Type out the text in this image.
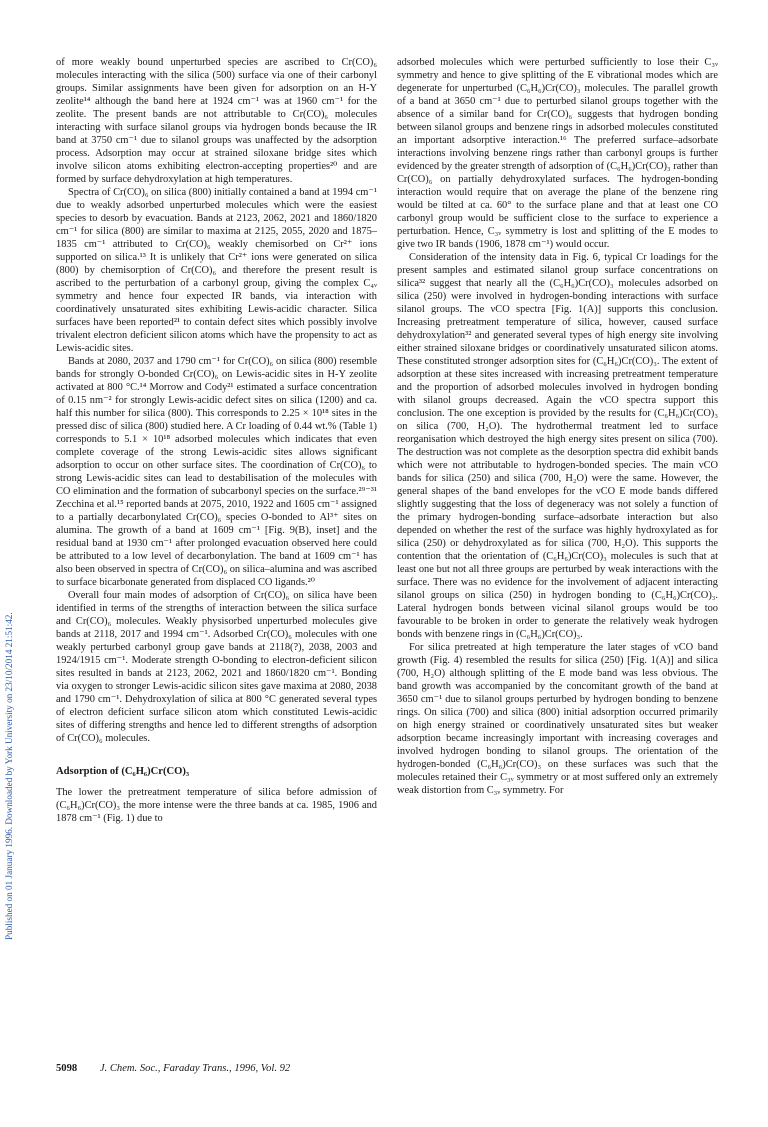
Published on 01 January 1996. Downloaded by York University on 23/10/2014 21:51:42.

of more weakly bound unperturbed species are ascribed to Cr(CO)₆ molecules interacting with the silica (500) surface via one of their carbonyl groups. Similar assignments have been given for adsorption on an H-Y zeolite¹⁴ although the band here at 1924 cm⁻¹ was at 1960 cm⁻¹ for the zeolite. The present bands are not attributable to Cr(CO)₆ molecules interacting with surface silanol groups via hydrogen bonds because the IR band at 3750 cm⁻¹ due to silanol groups was unaffected by the adsorption process. Adsorption may occur at strained siloxane bridge sites which involve silicon atoms exhibiting electron-accepting properties²⁰ and are formed by surface dehydroxylation at high temperatures.

Spectra of Cr(CO)₆ on silica (800) initially contained a band at 1994 cm⁻¹ due to weakly adsorbed unperturbed molecules which were the easiest species to desorb by evacuation. Bands at 2123, 2062, 2021 and 1860/1820 cm⁻¹ for silica (800) are similar to maxima at 2125, 2055, 2020 and 1875–1835 cm⁻¹ attributed to Cr(CO)₆ weakly chemisorbed on Cr²⁺ ions supported on silica.¹³ It is unlikely that Cr²⁺ ions were generated on silica (800) by chemisorption of Cr(CO)₆ and therefore the present result is ascribed to the perturbation of a carbonyl group, giving the complex C₄ᵥ symmetry and hence four expected IR bands, via interaction with coordinatively unsaturated sites exhibiting Lewis-acidic character. Silica surfaces have been reported²¹ to contain defect sites which possibly involve trivalent electron deficient silicon atoms which have the propensity to act as Lewis-acidic sites.

Bands at 2080, 2037 and 1790 cm⁻¹ for Cr(CO)₆ on silica (800) resemble bands for strongly O-bonded Cr(CO)₆ on Lewis-acidic sites in H-Y zeolite activated at 800 °C.¹⁴ Morrow and Cody²¹ estimated a surface concentration of 0.15 nm⁻² for strongly Lewis-acidic defect sites on silica (1200) and ca. half this number for silica (800). This corresponds to 2.25 × 10¹⁸ sites in the pressed disc of silica (800) studied here. A Cr loading of 0.44 wt.% (Table 1) corresponds to 5.1 × 10¹⁸ adsorbed molecules which indicates that even complete coverage of the strong Lewis-acidic sites allows significant adsorption to occur on other surface sites. The coordination of Cr(CO)₆ to strong Lewis-acidic sites can lead to destabilisation of the molecules with CO elimination and the formation of subcarbonyl species on the surface.²⁹⁻³¹ Zecchina et al.¹⁵ reported bands at 2075, 2010, 1922 and 1605 cm⁻¹ assigned to a partially decarbonylated Cr(CO)₆ species O-bonded to Al³⁺ sites on alumina. The growth of a band at 1609 cm⁻¹ [Fig. 9(B), inset] and the residual band at 1930 cm⁻¹ after prolonged evacuation observed here could be attributed to a low level of decarbonylation. The band at 1609 cm⁻¹ has also been observed in spectra of Cr(CO)₆ on silica–alumina and was ascribed to surface bicarbonate generated from displaced CO ligands.²⁰

Overall four main modes of adsorption of Cr(CO)₆ on silica have been identified in terms of the strengths of interaction between the silica surface and Cr(CO)₆ molecules. Weakly physisorbed unperturbed molecules give bands at 2118, 2017 and 1994 cm⁻¹. Adsorbed Cr(CO)₆ molecules with one weakly perturbed carbonyl group gave bands at 2118(?), 2038, 2003 and 1924/1915 cm⁻¹. Moderate strength O-bonding to electron-deficient silicon sites resulted in bands at 2123, 2062, 2021 and 1860/1820 cm⁻¹. Bonding via oxygen to stronger Lewis-acidic silicon sites gave maxima at 2080, 2038 and 1790 cm⁻¹. Dehydroxylation of silica at 800 °C generated several types of electron deficient surface silicon atom which constituted Lewis-acidic sites of differing strengths and hence led to different strengths of adsorption of Cr(CO)₆ molecules.

Adsorption of (C₆H₆)Cr(CO)₃

The lower the pretreatment temperature of silica before admission of (C₆H₆)Cr(CO)₃ the more intense were the three bands at ca. 1985, 1906 and 1878 cm⁻¹ (Fig. 1) due to

adsorbed molecules which were perturbed sufficiently to lose their C₃ᵥ symmetry and hence to give splitting of the E vibrational modes which are degenerate for unperturbed (C₆H₆)Cr(CO)₃ molecules. The parallel growth of a band at 3650 cm⁻¹ due to perturbed silanol groups together with the absence of a similar band for Cr(CO)₆ suggests that hydrogen bonding between silanol groups and benzene rings in adsorbed molecules constituted an important adsorptive interaction.¹⁶ The preferred surface–adsorbate interactions involving benzene rings rather than carbonyl groups is further evidenced by the greater strength of adsorption of (C₆H₆)Cr(CO)₃ rather than Cr(CO)₆ on partially dehydroxylated surfaces. The hydrogen-bonding interaction would require that on average the plane of the benzene ring would be tilted at ca. 60° to the surface plane and that at least one CO carbonyl group would be sufficient close to the surface to experience a perturbation. Hence, C₃ᵥ symmetry is lost and splitting of the E modes to give two IR bands (1906, 1878 cm⁻¹) would occur.

Consideration of the intensity data in Fig. 6, typical Cr loadings for the present samples and estimated silanol group surface concentrations on silica³² suggest that nearly all the (C₆H₆)Cr(CO)₃ molecules adsorbed on silica (250) were involved in hydrogen-bonding interactions with surface silanol groups. The νCO spectra [Fig. 1(A)] supports this conclusion. Increasing pretreatment temperature of silica, however, caused surface dehydroxylation³² and generated several types of high energy site involving either strained siloxane bridges or coordinatively unsaturated silicon atoms. These constituted stronger adsorption sites for (C₆H₆)Cr(CO)₃. The extent of adsorption at these sites increased with increasing pretreatment temperature and the proportion of adsorbed molecules involved in hydrogen bonding with silanol groups decreased. Again the νCO spectra support this conclusion. The one exception is provided by the results for (C₆H₆)Cr(CO)₃ on silica (700, H₂O). The hydrothermal treatment led to surface reorganisation which destroyed the high energy sites present on silica (700). The destruction was not complete as the desorption spectra did exhibit bands which were not attributable to hydrogen-bonded species. The main νCO bands for silica (250) and silica (700, H₂O) were the same. However, the general shapes of the band envelopes for the νCO E mode bands differed slightly suggesting that the loss of degeneracy was not solely a function of the primary hydrogen-bonding surface–adsorbate interaction but also depended on whether the rest of the surface was highly hydroxylated as for silica (250) or dehydroxylated as for silica (700, H₂O). This supports the contention that the orientation of (C₆H₆)Cr(CO)₃ molecules is such that at least one but not all three groups are perturbed by weak interactions with the surface. There was no evidence for the involvement of adjacent interacting silanol groups on silica (250) in hydrogen bonding to (C₆H₆)Cr(CO)₃. Lateral hydrogen bonds between vicinal silanol groups would be too favourable to be broken in order to generate the relatively weak hydrogen bonds with benzene rings in (C₆H₆)Cr(CO)₃.

For silica pretreated at high temperature the later stages of νCO band growth (Fig. 4) resembled the results for silica (250) [Fig. 1(A)] and silica (700, H₂O) although splitting of the E mode band was less obvious. The band growth was accompanied by the concomitant growth of the band at 3650 cm⁻¹ due to silanol groups perturbed by hydrogen bonding to benzene rings. On silica (700) and silica (800) initial adsorption occurred primarily on high energy strained or coordinatively unsaturated sites but weaker adsorption became increasingly important with increasing coverages and involved hydrogen bonding to silanol groups. The orientation of the hydrogen-bonded (C₆H₆)Cr(CO)₃ on these surfaces was such that the molecules retained their C₃ᵥ symmetry or at most suffered only an extremely weak distortion from C₃ᵥ symmetry. For

5098 J. Chem. Soc., Faraday Trans., 1996, Vol. 92
